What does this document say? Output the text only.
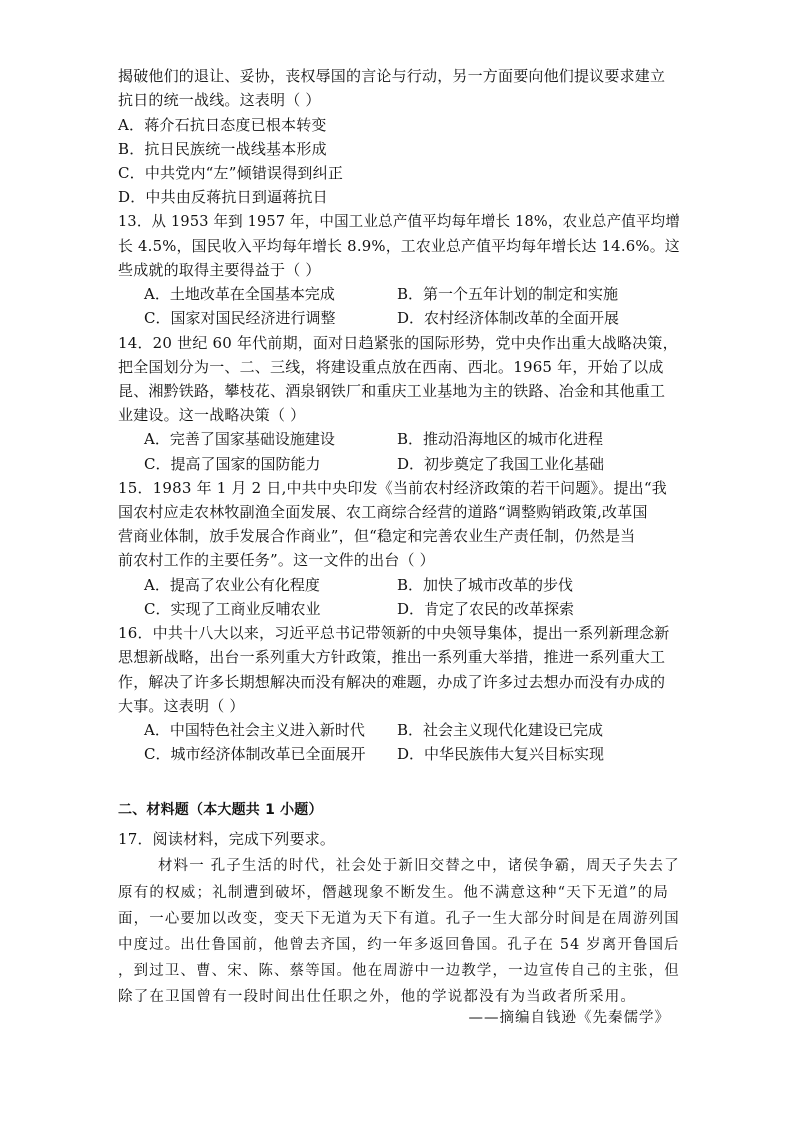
揭破他们的退让、妥协，丧权辱国的言论与行动，另一方面要向他们提议要求建立
抗日的统一战线。这表明（ ）
A．蒋介石抗日态度已根本转变
B．抗日民族统一战线基本形成
C．中共党内“左”倾错误得到纠正
D．中共由反蒋抗日到逼蒋抗日
13．从 1953 年到 1957 年，中国工业总产值平均每年增长 18%，农业总产值平均增
长 4.5%，国民收入平均每年增长 8.9%，工农业总产值平均每年增长达 14.6%。这
些成就的取得主要得益于（ ）
A．土地改革在全国基本完成	B．第一个五年计划的制定和实施
C．国家对国民经济进行调整	D．农村经济体制改革的全面开展
14．20 世纪 60 年代前期，面对日趋紧张的国际形势，党中央作出重大战略决策，
把全国划分为一、二、三线，将建设重点放在西南、西北。1965 年，开始了以成
昆、湘黔铁路，攀枝花、酒泉钢铁厂和重庆工业基地为主的铁路、冶金和其他重工
业建设。这一战略决策（ ）
A．完善了国家基础设施建设	B．推动沿海地区的城市化进程
C．提高了国家的国防能力	D．初步奠定了我国工业化基础
15．1983 年 1 月 2 日,中共中央印发《当前农村经济政策的若干问题》。提出“我
国农村应走农林牧副渔全面发展、农工商综合经营的道路“调整购销政策,改革国
营商业体制，放手发展合作商业”，但“稳定和完善农业生产责任制，仍然是当
前农村工作的主要任务”。这一文件的出台（ ）
A．提高了农业公有化程度	B．加快了城市改革的步伐
C．实现了工商业反哺农业	D．肯定了农民的改革探索
16．中共十八大以来，习近平总书记带领新的中央领导集体，提出一系列新理念新
思想新战略，出台一系列重大方针政策，推出一系列重大举措，推进一系列重大工
作，解决了许多长期想解决而没有解决的难题，办成了许多过去想办而没有办成的
大事。这表明（ ）
A．中国特色社会主义进入新时代 B．社会主义现代化建设已完成
C．城市经济体制改革已全面展开 D．中华民族伟大复兴目标实现
二、材料题（本大题共 1 小题）
17．阅读材料，完成下列要求。
材料一 孔子生活的时代，社会处于新旧交替之中，诸侯争霸，周天子失去了
原有的权威；礼制遭到破坏，僭越现象不断发生。他不满意这种“天下无道”的局
面，一心要加以改变，变天下无道为天下有道。孔子一生大部分时间是在周游列国
中度过。出仕鲁国前，他曾去齐国，约一年多返回鲁国。孔子在 54 岁离开鲁国后
，到过卫、曹、宋、陈、蔡等国。他在周游中一边教学，一边宣传自己的主张，但
除了在卫国曾有一段时间出仕任职之外，他的学说都没有为当政者所采用。
——摘编自钱逊《先秦儒学》
